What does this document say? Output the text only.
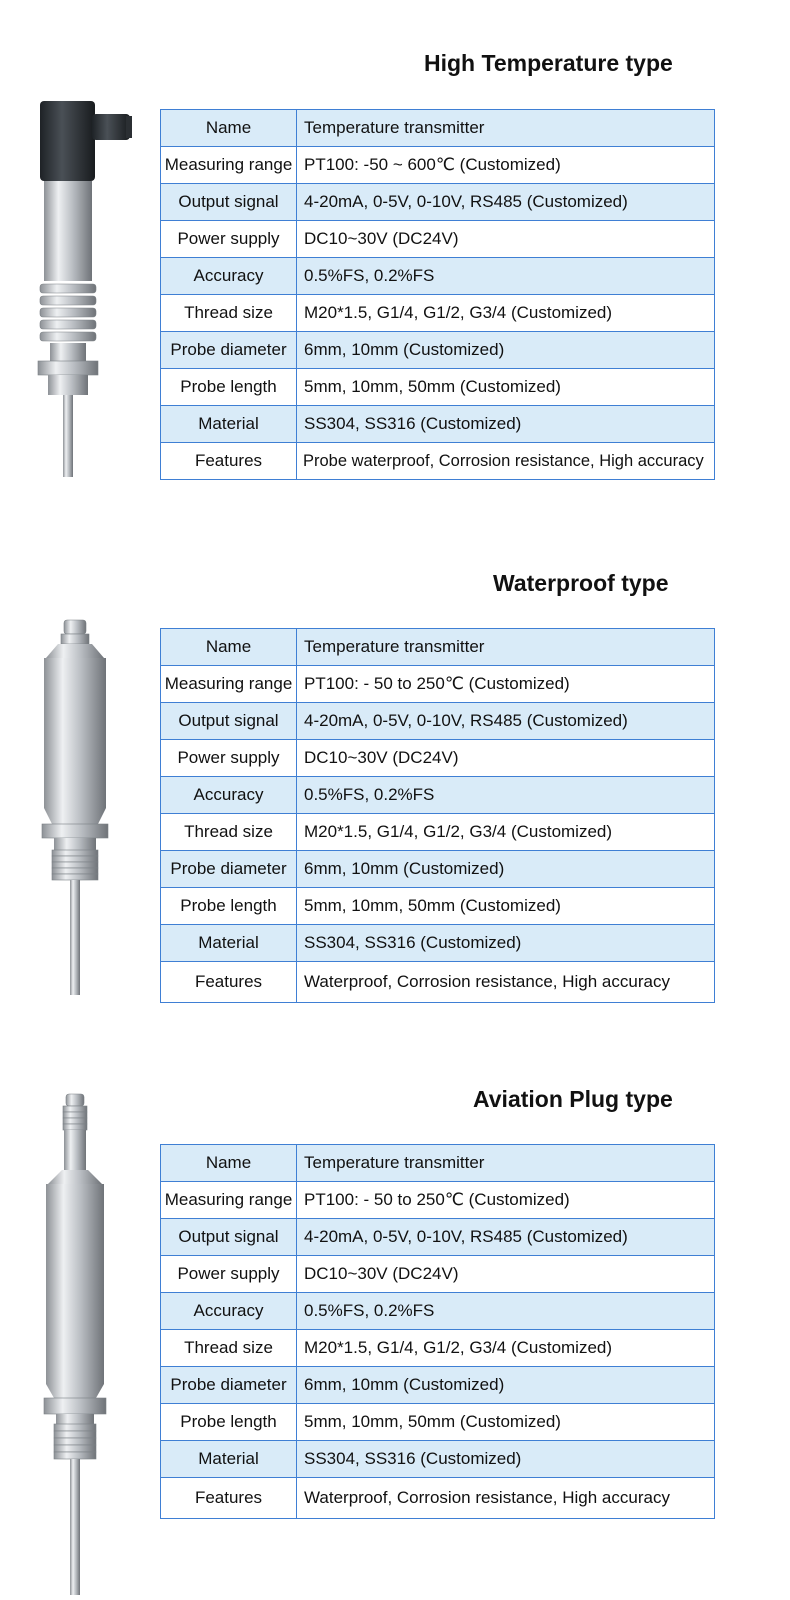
High Temperature type
Name	Temperature transmitter
Measuring range	PT100: -50 ~ 600℃ (Customized)
Output signal	4-20mA, 0-5V, 0-10V, RS485 (Customized)
Power supply	DC10~30V (DC24V)
Accuracy	0.5%FS, 0.2%FS
Thread size	M20*1.5, G1/4, G1/2, G3/4 (Customized)
Probe diameter	6mm, 10mm (Customized)
Probe length	5mm, 10mm, 50mm (Customized)
Material	SS304, SS316 (Customized)
Features	Probe waterproof, Corrosion resistance, High accuracy
Waterproof type
Name	Temperature transmitter
Measuring range	PT100: - 50 to 250℃ (Customized)
Output signal	4-20mA, 0-5V, 0-10V, RS485 (Customized)
Power supply	DC10~30V (DC24V)
Accuracy	0.5%FS, 0.2%FS
Thread size	M20*1.5, G1/4, G1/2, G3/4 (Customized)
Probe diameter	6mm, 10mm (Customized)
Probe length	5mm, 10mm, 50mm (Customized)
Material	SS304, SS316 (Customized)
Features	Waterproof, Corrosion resistance, High accuracy
Aviation Plug type
Name	Temperature transmitter
Measuring range	PT100: - 50 to 250℃ (Customized)
Output signal	4-20mA, 0-5V, 0-10V, RS485 (Customized)
Power supply	DC10~30V (DC24V)
Accuracy	0.5%FS, 0.2%FS
Thread size	M20*1.5, G1/4, G1/2, G3/4 (Customized)
Probe diameter	6mm, 10mm (Customized)
Probe length	5mm, 10mm, 50mm (Customized)
Material	SS304, SS316 (Customized)
Features	Waterproof, Corrosion resistance, High accuracy
